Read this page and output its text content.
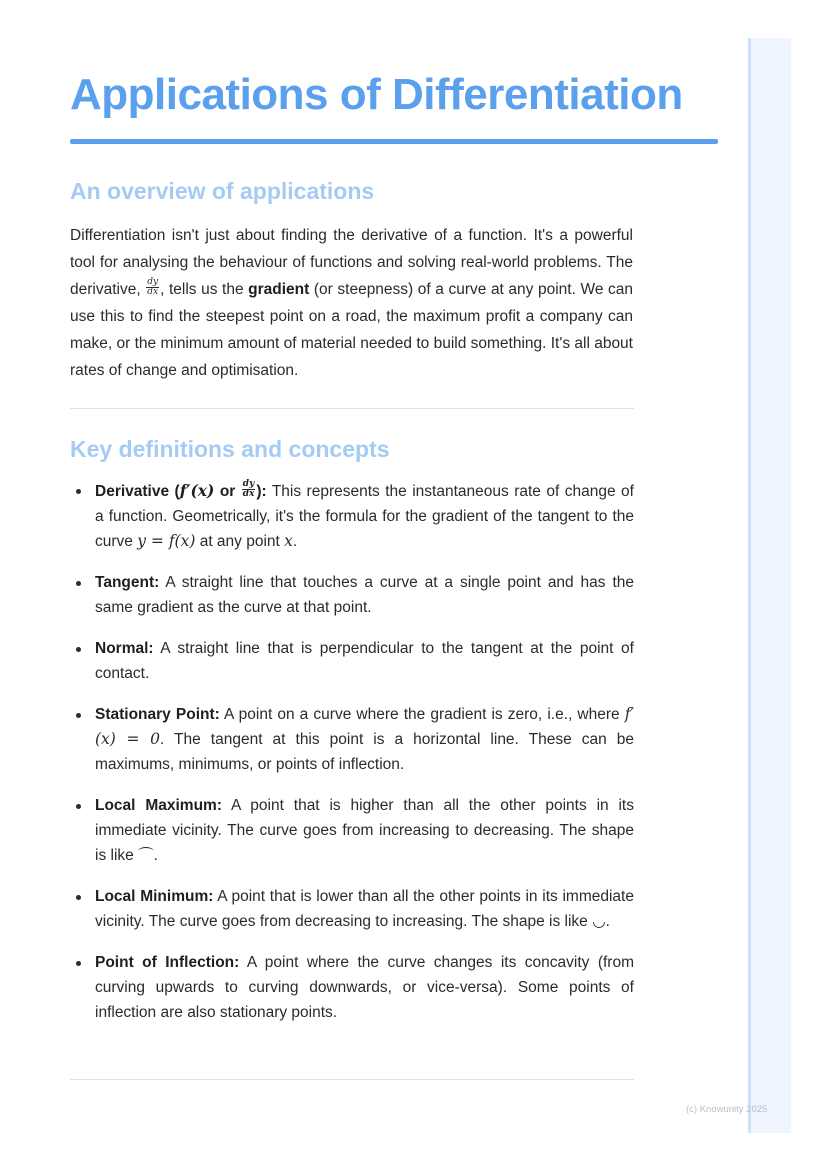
Applications of Differentiation
An overview of applications

Differentiation isn't just about finding the derivative of a function. It's a powerful tool for analysing the behaviour of functions and solving real-world problems. The derivative, $\frac{dy}{dx}$ , tells us the gradient (or steepness) of a curve at any point. We can use this to find the steepest point on a road, the maximum profit a company can make, or the minimum amount of material needed to build something. It's all about rates of change and optimisation.

Key definitions and concepts
Derivative (f′(x) or $\frac{dy}{dx}$ ): This represents the instantaneous rate of change of a function. Geometrically, it's the formula for the gradient of the tangent to the curve y = f(x) at any point x.
Tangent: A straight line that touches a curve at a single point and has the same gradient as the curve at that point.
Normal: A straight line that is perpendicular to the tangent at the point of contact.
Stationary Point: A point on a curve where the gradient is zero, i.e., where f′(x) = 0. The tangent at this point is a horizontal line. These can be maximums, minimums, or points of inflection.
Local Maximum: A point that is higher than all the other points in its immediate vicinity. The curve goes from increasing to decreasing. The shape is like ⌒.
Local Minimum: A point that is lower than all the other points in its immediate vicinity. The curve goes from decreasing to increasing. The shape is like ◡.
Point of Inflection: A point where the curve changes its concavity (from curving upwards to curving downwards, or vice-versa). Some points of inflection are also stationary points.
(c) Knowunity 2025
